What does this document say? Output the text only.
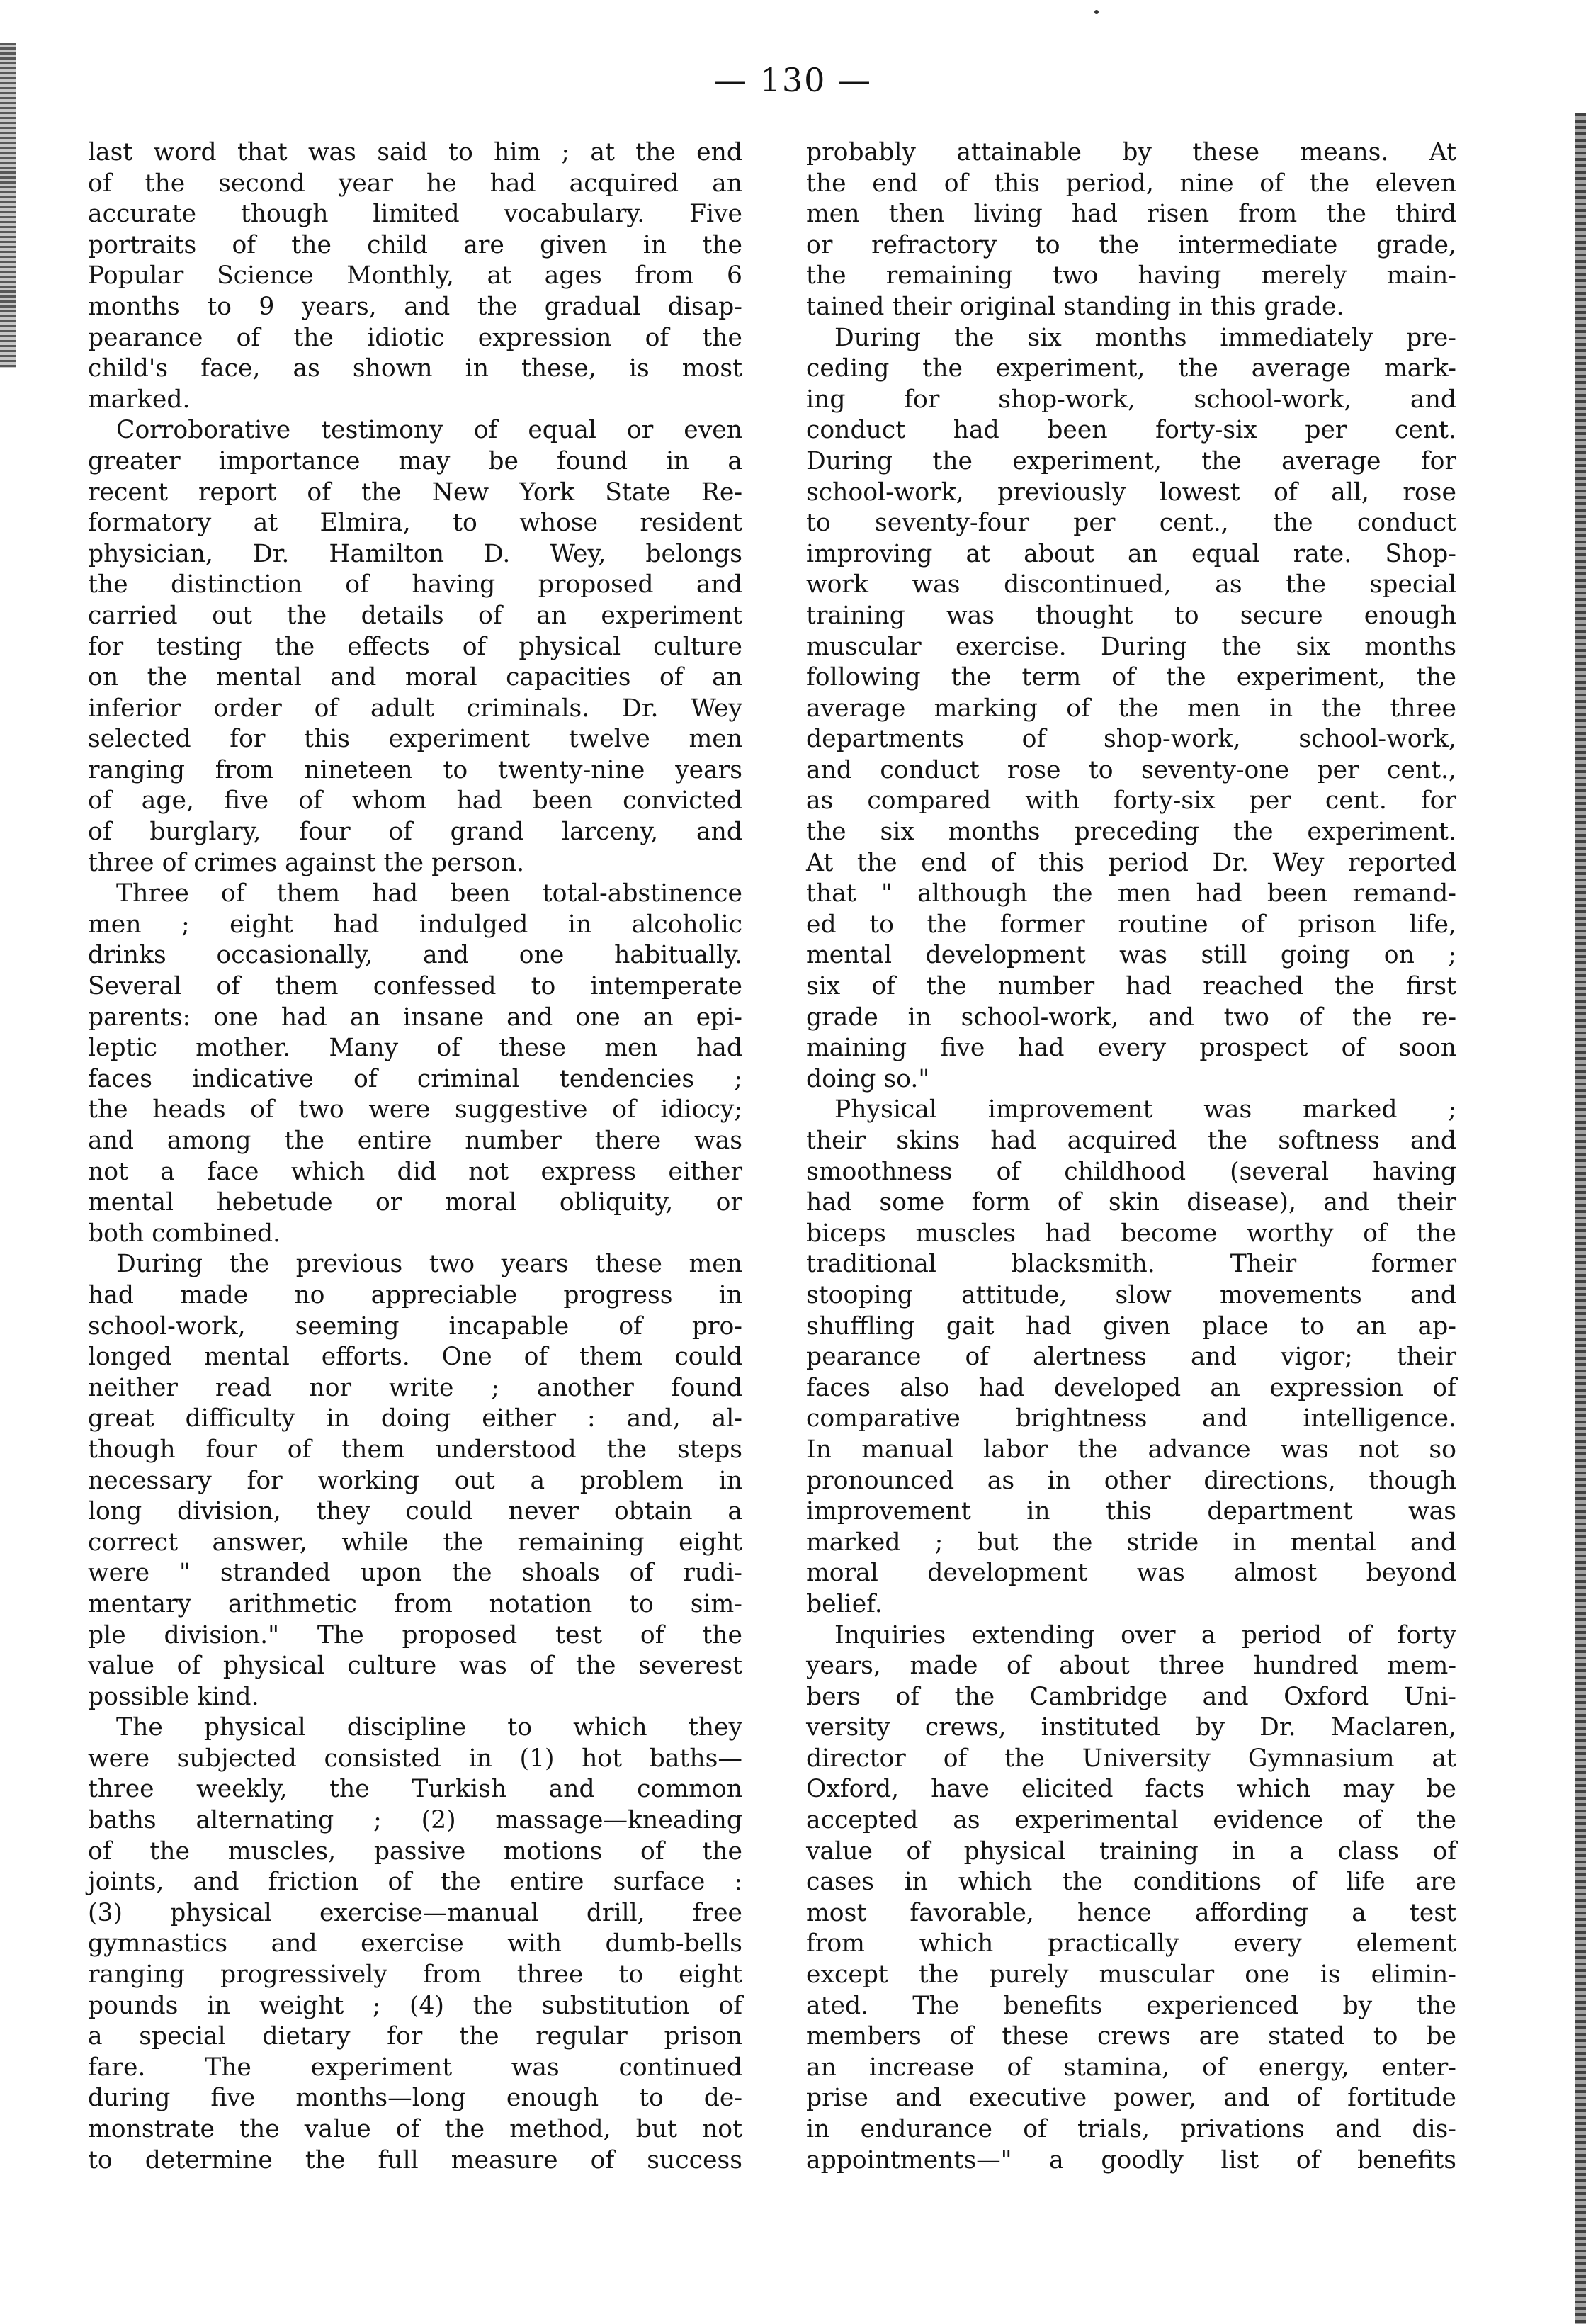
— 130 —
last word that was said to him ; at the end
of the second year he had acquired an
accurate though limited vocabulary. Five
portraits of the child are given in the
Popular Science Monthly, at ages from 6
months to 9 years, and the gradual disap-
pearance of the idiotic expression of the
child's face, as shown in these, is most
marked.
Corroborative testimony of equal or even
greater importance may be found in a
recent report of the New York State Re-
formatory at Elmira, to whose resident
physician, Dr. Hamilton D. Wey, belongs
the distinction of having proposed and
carried out the details of an experiment
for testing the effects of physical culture
on the mental and moral capacities of an
inferior order of adult criminals. Dr. Wey
selected for this experiment twelve men
ranging from nineteen to twenty-nine years
of age, five of whom had been convicted
of burglary, four of grand larceny, and
three of crimes against the person.
Three of them had been total-abstinence
men ; eight had indulged in alcoholic
drinks occasionally, and one habitually.
Several of them confessed to intemperate
parents: one had an insane and one an epi-
leptic mother. Many of these men had
faces indicative of criminal tendencies ;
the heads of two were suggestive of idiocy;
and among the entire number there was
not a face which did not express either
mental hebetude or moral obliquity, or
both combined.
During the previous two years these men
had made no appreciable progress in
school-work, seeming incapable of pro-
longed mental efforts. One of them could
neither read nor write ; another found
great difficulty in doing either : and, al-
though four of them understood the steps
necessary for working out a problem in
long division, they could never obtain a
correct answer, while the remaining eight
were " stranded upon the shoals of rudi-
mentary arithmetic from notation to sim-
ple division." The proposed test of the
value of physical culture was of the severest
possible kind.
The physical discipline to which they
were subjected consisted in (1) hot baths—
three weekly, the Turkish and common
baths alternating ; (2) massage—kneading
of the muscles, passive motions of the
joints, and friction of the entire surface :
(3) physical exercise—manual drill, free
gymnastics and exercise with dumb-bells
ranging progressively from three to eight
pounds in weight ; (4) the substitution of
a special dietary for the regular prison
fare. The experiment was continued
during five months—long enough to de-
monstrate the value of the method, but not
to determine the full measure of success
probably attainable by these means. At
the end of this period, nine of the eleven
men then living had risen from the third
or refractory to the intermediate grade,
the remaining two having merely main-
tained their original standing in this grade.
During the six months immediately pre-
ceding the experiment, the average mark-
ing for shop-work, school-work, and
conduct had been forty-six per cent.
During the experiment, the average for
school-work, previously lowest of all, rose
to seventy-four per cent., the conduct
improving at about an equal rate. Shop-
work was discontinued, as the special
training was thought to secure enough
muscular exercise. During the six months
following the term of the experiment, the
average marking of the men in the three
departments of shop-work, school-work,
and conduct rose to seventy-one per cent.,
as compared with forty-six per cent. for
the six months preceding the experiment.
At the end of this period Dr. Wey reported
that " although the men had been remand-
ed to the former routine of prison life,
mental development was still going on ;
six of the number had reached the first
grade in school-work, and two of the re-
maining five had every prospect of soon
doing so."
Physical improvement was marked ;
their skins had acquired the softness and
smoothness of childhood (several having
had some form of skin disease), and their
biceps muscles had become worthy of the
traditional blacksmith. Their former
stooping attitude, slow movements and
shuffling gait had given place to an ap-
pearance of alertness and vigor; their
faces also had developed an expression of
comparative brightness and intelligence.
In manual labor the advance was not so
pronounced as in other directions, though
improvement in this department was
marked ; but the stride in mental and
moral development was almost beyond
belief.
Inquiries extending over a period of forty
years, made of about three hundred mem-
bers of the Cambridge and Oxford Uni-
versity crews, instituted by Dr. Maclaren,
director of the University Gymnasium at
Oxford, have elicited facts which may be
accepted as experimental evidence of the
value of physical training in a class of
cases in which the conditions of life are
most favorable, hence affording a test
from which practically every element
except the purely muscular one is elimin-
ated. The benefits experienced by the
members of these crews are stated to be
an increase of stamina, of energy, enter-
prise and executive power, and of fortitude
in endurance of trials, privations and dis-
appointments—" a goodly list of benefits
